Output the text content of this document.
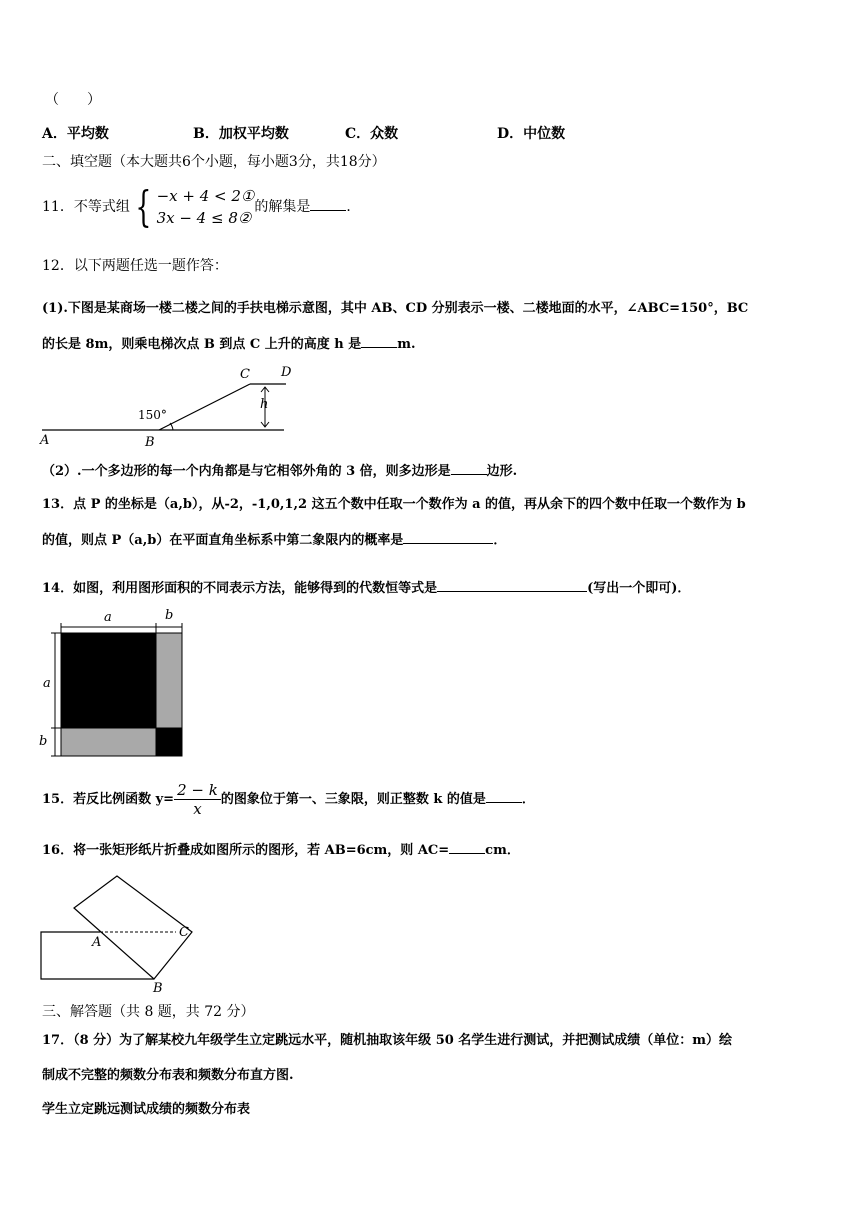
（　　）
A．平均数	B．加权平均数	C．众数	D．中位数
二、填空题（本大题共6个小题，每小题3分，共18分）
11．不等式组 { −x + 4 < 2①
3x − 4 ≤ 8②
的解集是	．
12．以下两题任选一题作答：
(1).下图是某商场一楼二楼之间的手扶电梯示意图，其中 AB、CD 分别表示一楼、二楼地面的水平，∠ABC=150°，BC
的长是 8m，则乘电梯次点 B 到点 C 上升的高度 h 是	m.
A	B
C D
h
150°
（2）.一个多边形的每一个内角都是与它相邻外角的 3 倍，则多边形是	边形.
13．点 P 的坐标是（a,b），从-2，-1,0,1,2 这五个数中任取一个数作为 a 的值，再从余下的四个数中任取一个数作为 b
的值，则点 P（a,b）在平面直角坐标系中第二象限内的概率是	．
14．如图，利用图形面积的不同表示方法，能够得到的代数恒等式是	(写出一个即可)．
a	b
a
b
15．若反比例函数 $y= \frac{2 - k}{x}$ 的图象位于第一、三象限，则正整数 k 的值是	．
16．将一张矩形纸片折叠成如图所示的图形，若 AB=6cm，则 AC=	cm．
A
B
C
三、解答题（共 8 题，共 72 分）
17．（8 分）为了解某校九年级学生立定跳远水平，随机抽取该年级 50 名学生进行测试，并把测试成绩（单位：m）绘
制成不完整的频数分布表和频数分布直方图.
学生立定跳远测试成绩的频数分布表
